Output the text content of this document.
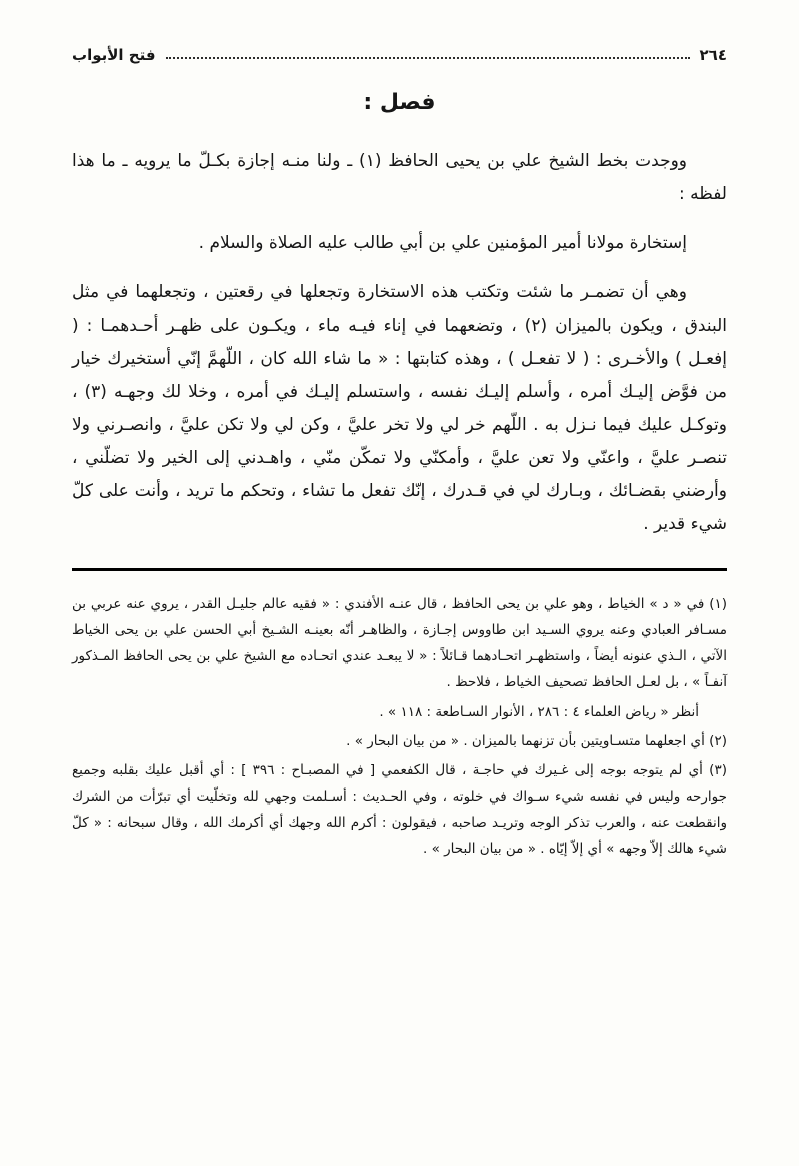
٢٦٤
فتح الأبواب
فصل :

ووجدت بخط الشيخ علي بن يحيى الحافظ (١) ـ ولنا منـه إجازة بكـلّ ما يرويه ـ ما هذا لفظه :

إستخارة مولانا أمير المؤمنين علي بن أبي طالب عليه الصلاة والسلام .

وهي أن تضمـر ما شئت وتكتب هذه الاستخارة وتجعلها في رقعتين ، وتجعلهما في مثل البندق ، ويكون بالميزان (٢) ، وتضعهما في إناء فيـه ماء ، ويكـون على ظهـر أحـدهمـا : ( إفعـل ) والأخـرى : ( لا تفعـل ) ، وهذه كتابتها : « ما شاء الله كان ، اللّهمَّ إنّي أستخيرك خيار من فوَّض إليـك أمره ، وأسلم إليـك نفسه ، واستسلم إليـك في أمره ، وخلا لك وجهـه (٣) ، وتوكـل عليك فيما نـزل به . اللّهم خر لي ولا تخر عليَّ ، وكن لي ولا تكن عليَّ ، وانصـرني ولا تنصـر عليَّ ، واعنّي ولا تعن عليَّ ، وأمكنّي ولا تمكّن منّي ، واهـدني إلى الخير ولا تضلّني ، وأرضني بقضـائك ، وبـارك لي في قـدرك ، إنّك تفعل ما تشاء ، وتحكم ما تريد ، وأنت على كلّ شيء قدير .

(١) في « د » الخياط ، وهو علي بن يحى الحافظ ، قال عنـه الأفندي : « فقيه عالم جليـل القدر ، يروي عنه عربي بن مسـافر العبادي وعنه يروي السـيد ابن طاووس إجـازة ، والظاهـر أنّه بعينـه الشـيخ أبي الحسن علي بن يحى الخياط الآتي ، الـذي عنونه أيضاً ، واستظهـر اتحـادهما قـائلاً : « لا يبعـد عندي اتحـاده مع الشيخ علي بن يحى الحافظ المـذكور آنفـاً » ، بل لعـل الحافظ تصحيف الخياط ، فلاحظ .

أنظر « رياض العلماء ٤ : ٢٨٦ ، الأنوار السـاطعة : ١١٨ » .

(٢) أي اجعلهما متسـاويتين بأن تزنهما بالميزان . « من بيان البحار » .

(٣) أي لم يتوجه بوجه إلى غـيرك في حاجـة ، قال الكفعمي [ في المصبـاح : ٣٩٦ ] : أي أقبل عليك بقلبه وجميع جوارحه وليس في نفسه شيء سـواك في خلوته ، وفي الحـديث : أسـلمت وجهي لله وتخلّيت أي تبرّأت من الشرك وانقطعت عنه ، والعرب تذكر الوجه وتريـد صاحبه ، فيقولون : أكرم الله وجهك أي أكرمك الله ، وقال سبحانه : « كلّ شيء هالك إلاّ وجهه » أي إلاّ إيّاه . « من بيان البحار » .
